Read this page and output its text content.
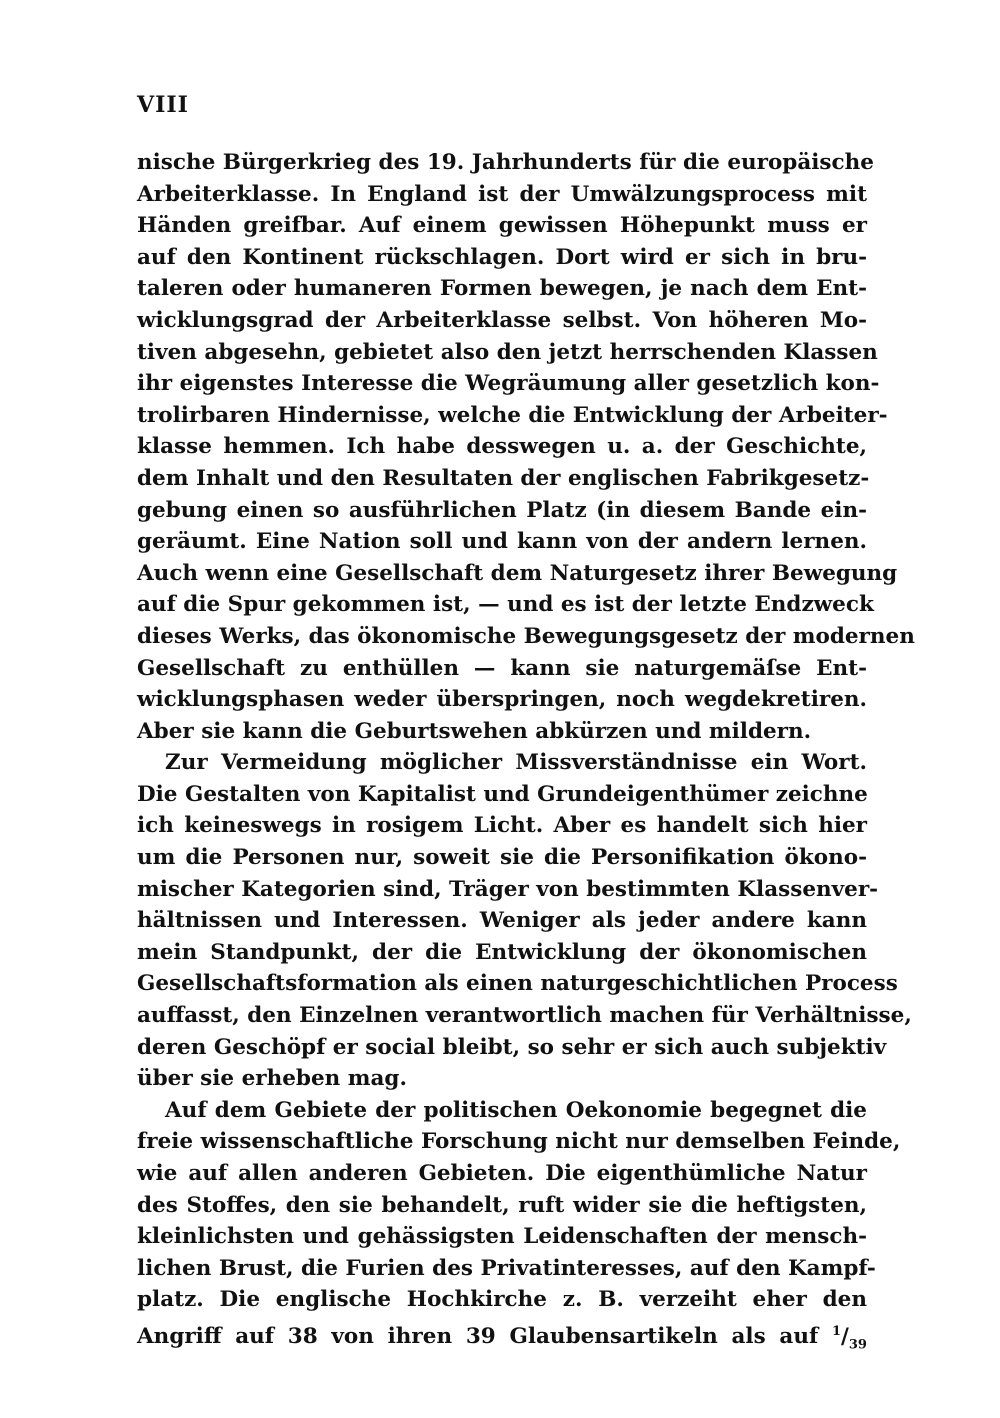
VIII
nische Bürgerkrieg des 19. Jahrhunderts für die europäische
Arbeiterklasse. In England ist der Umwälzungsprocess mit
Händen greifbar. Auf einem gewissen Höhepunkt muss er
auf den Kontinent rückschlagen. Dort wird er sich in bru-
taleren oder humaneren Formen bewegen, je nach dem Ent-
wicklungsgrad der Arbeiterklasse selbst. Von höheren Mo-
tiven abgesehn, gebietet also den jetzt herrschenden Klassen
ihr eigenstes Interesse die Wegräumung aller gesetzlich kon-
trolirbaren Hindernisse, welche die Entwicklung der Arbeiter-
klasse hemmen. Ich habe desswegen u. a. der Geschichte,
dem Inhalt und den Resultaten der englischen Fabrikgesetz-
gebung einen so ausführlichen Platz (in diesem Bande ein-
geräumt. Eine Nation soll und kann von der andern lernen.
Auch wenn eine Gesellschaft dem Naturgesetz ihrer Bewegung
auf die Spur gekommen ist, — und es ist der letzte Endzweck
dieses Werks, das ökonomische Bewegungsgesetz der modernen
Gesellschaft zu enthüllen — kann sie naturgemäſse Ent-
wicklungsphasen weder überspringen, noch wegdekretiren.
Aber sie kann die Geburtswehen abkürzen und mildern.
Zur Vermeidung möglicher Missverständnisse ein Wort.
Die Gestalten von Kapitalist und Grundeigenthümer zeichne
ich keineswegs in rosigem Licht. Aber es handelt sich hier
um die Personen nur, soweit sie die Personifikation ökono-
mischer Kategorien sind, Träger von bestimmten Klassenver-
hältnissen und Interessen. Weniger als jeder andere kann
mein Standpunkt, der die Entwicklung der ökonomischen
Gesellschaftsformation als einen naturgeschichtlichen Process
auffasst, den Einzelnen verantwortlich machen für Verhältnisse,
deren Geschöpf er social bleibt, so sehr er sich auch subjektiv
über sie erheben mag.
Auf dem Gebiete der politischen Oekonomie begegnet die
freie wissenschaftliche Forschung nicht nur demselben Feinde,
wie auf allen anderen Gebieten. Die eigenthümliche Natur
des Stoffes, den sie behandelt, ruft wider sie die heftigsten,
kleinlichsten und gehässigsten Leidenschaften der mensch-
lichen Brust, die Furien des Privatinteresses, auf den Kampf-
platz. Die englische Hochkirche z. B. verzeiht eher den
Angriff auf 38 von ihren 39 Glaubensartikeln als auf $^1/_{39}$
